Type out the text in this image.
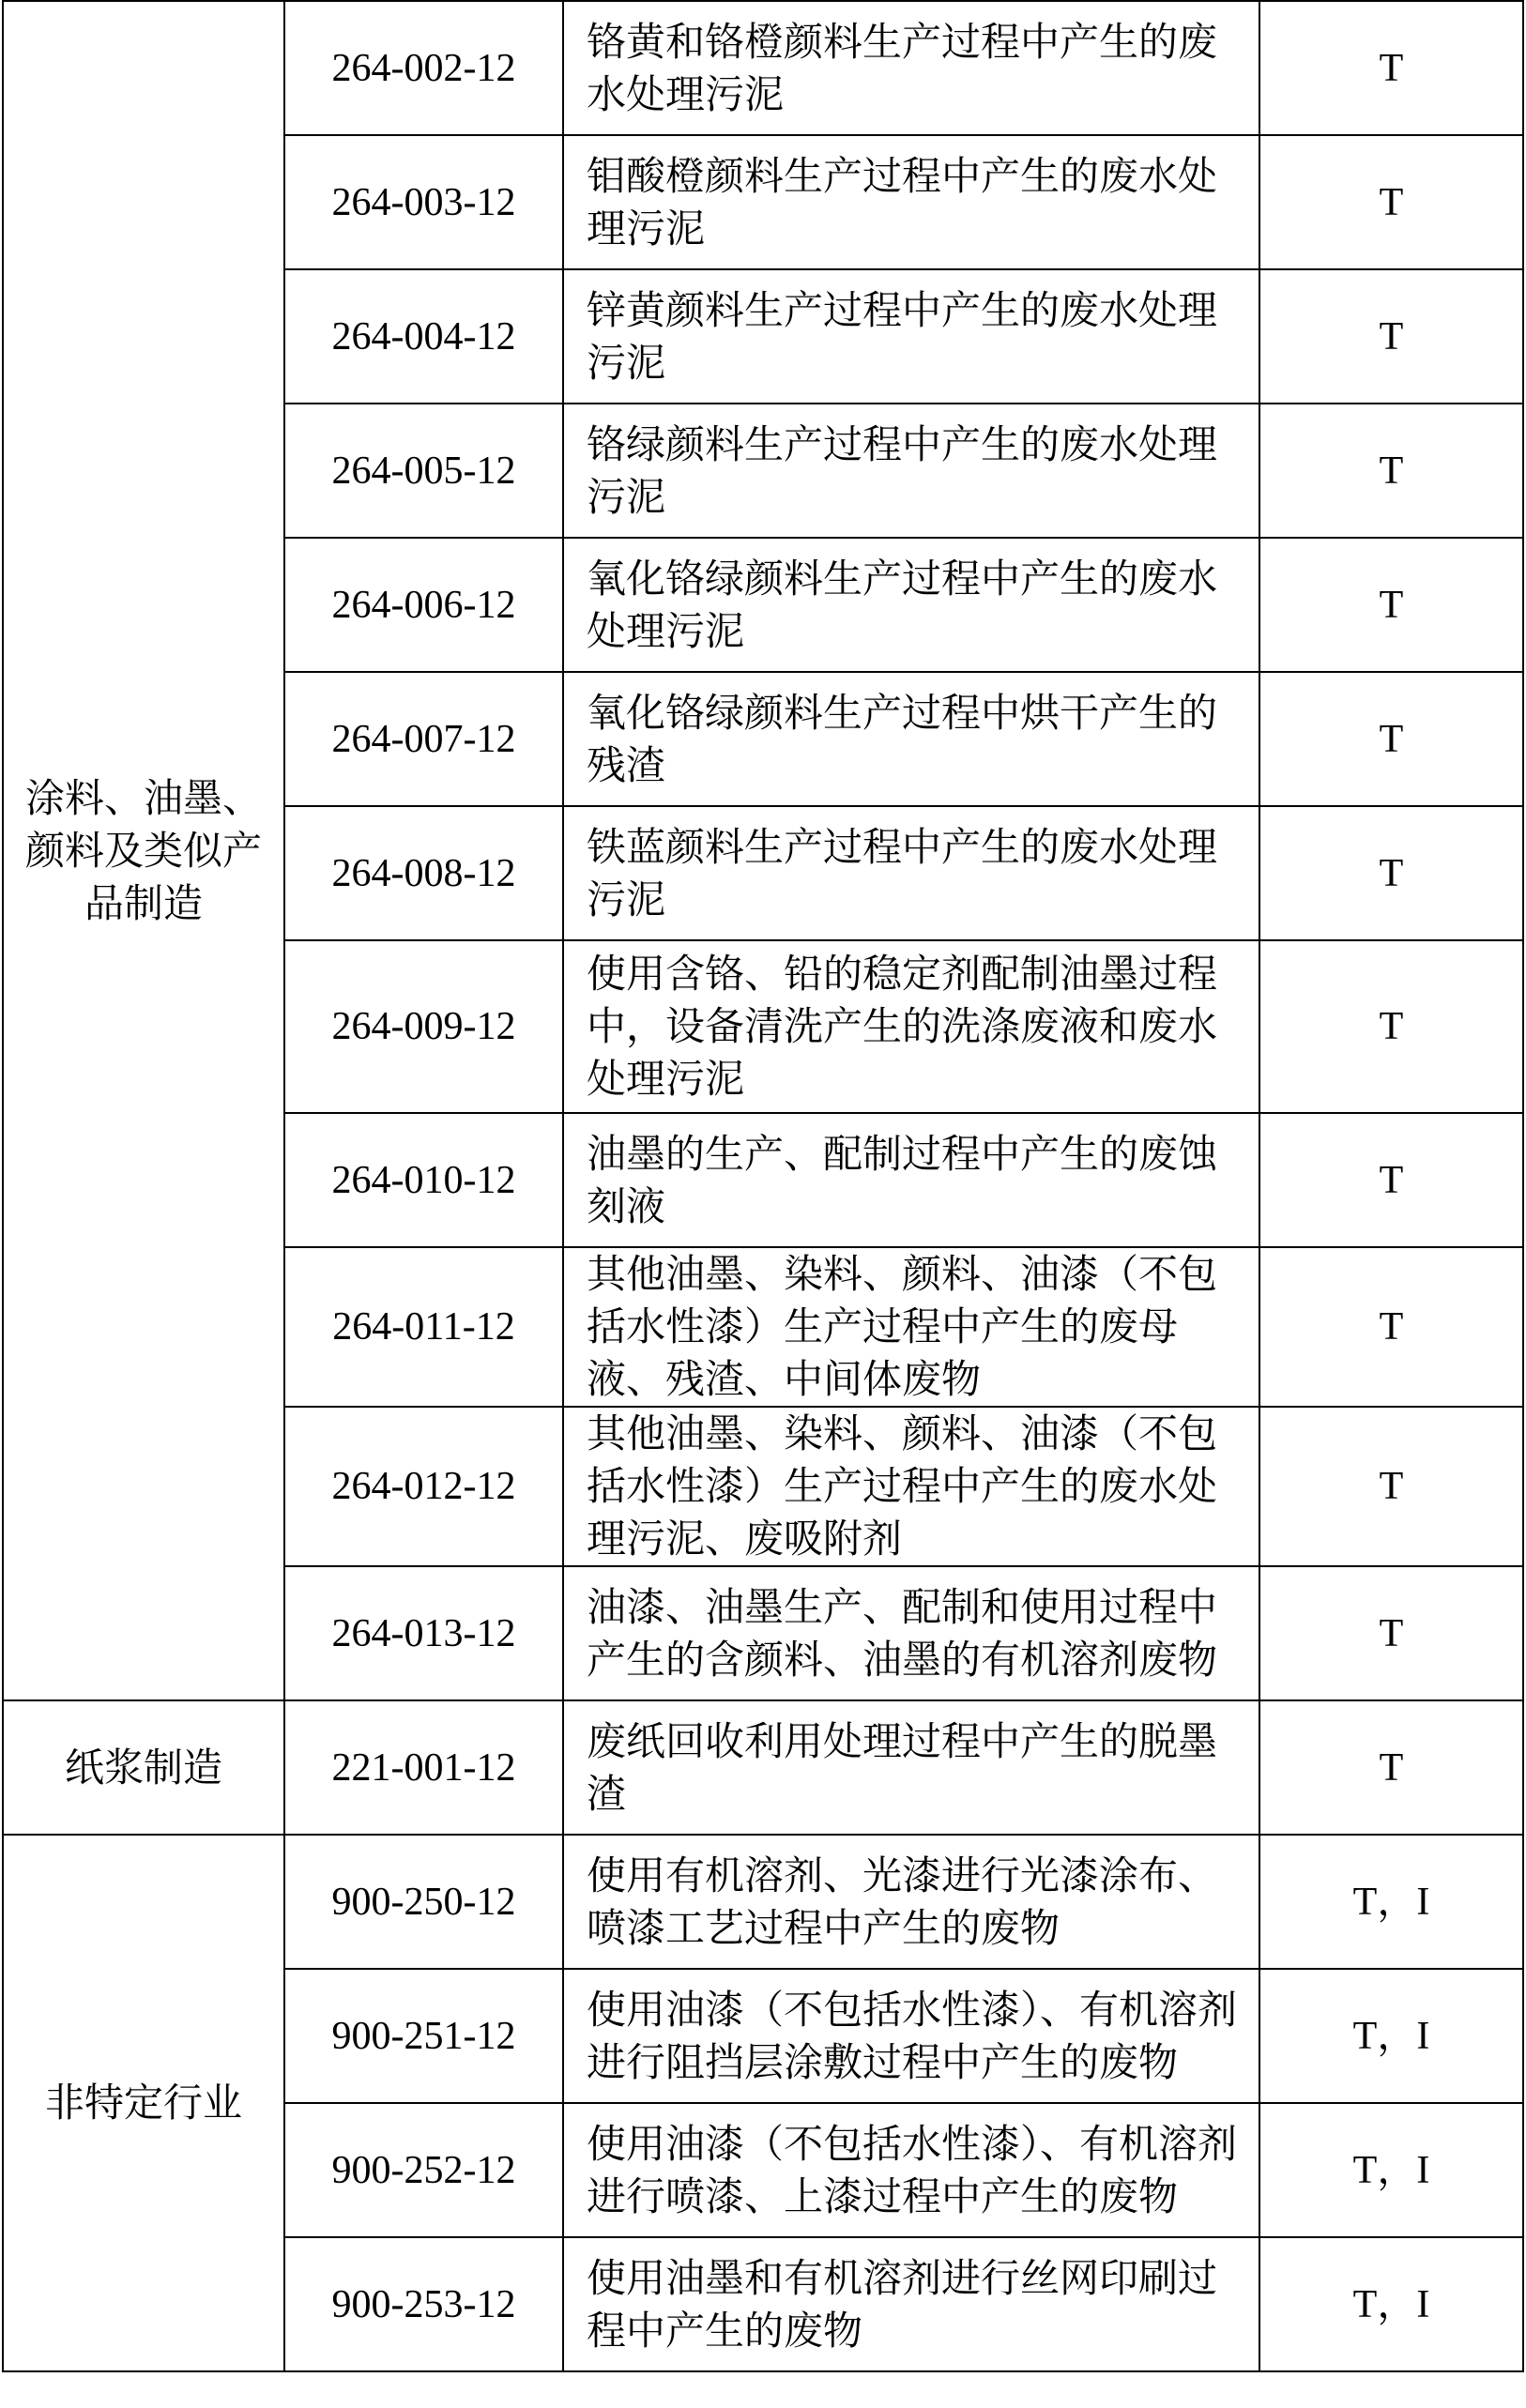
涂料、油墨、颜料及类似产品制造	264-002-12	铬黄和铬橙颜料生产过程中产生的废水处理污泥	T
	264-003-12	钼酸橙颜料生产过程中产生的废水处理污泥	T
	264-004-12	锌黄颜料生产过程中产生的废水处理污泥	T
	264-005-12	铬绿颜料生产过程中产生的废水处理污泥	T
	264-006-12	氧化铬绿颜料生产过程中产生的废水处理污泥	T
	264-007-12	氧化铬绿颜料生产过程中烘干产生的残渣	T
	264-008-12	铁蓝颜料生产过程中产生的废水处理污泥	T
	264-009-12	使用含铬、铅的稳定剂配制油墨过程中，设备清洗产生的洗涤废液和废水处理污泥	T
	264-010-12	油墨的生产、配制过程中产生的废蚀刻液	T
	264-011-12	其他油墨、染料、颜料、油漆（不包括水性漆）生产过程中产生的废母液、残渣、中间体废物	T
	264-012-12	其他油墨、染料、颜料、油漆（不包括水性漆）生产过程中产生的废水处理污泥、废吸附剂	T
	264-013-12	油漆、油墨生产、配制和使用过程中产生的含颜料、油墨的有机溶剂废物	T
纸浆制造	221-001-12	废纸回收利用处理过程中产生的脱墨渣	T
非特定行业	900-250-12	使用有机溶剂、光漆进行光漆涂布、喷漆工艺过程中产生的废物	T，I
	900-251-12	使用油漆（不包括水性漆）、有机溶剂进行阻挡层涂敷过程中产生的废物	T，I
	900-252-12	使用油漆（不包括水性漆）、有机溶剂进行喷漆、上漆过程中产生的废物	T，I
	900-253-12	使用油墨和有机溶剂进行丝网印刷过程中产生的废物	T，I
